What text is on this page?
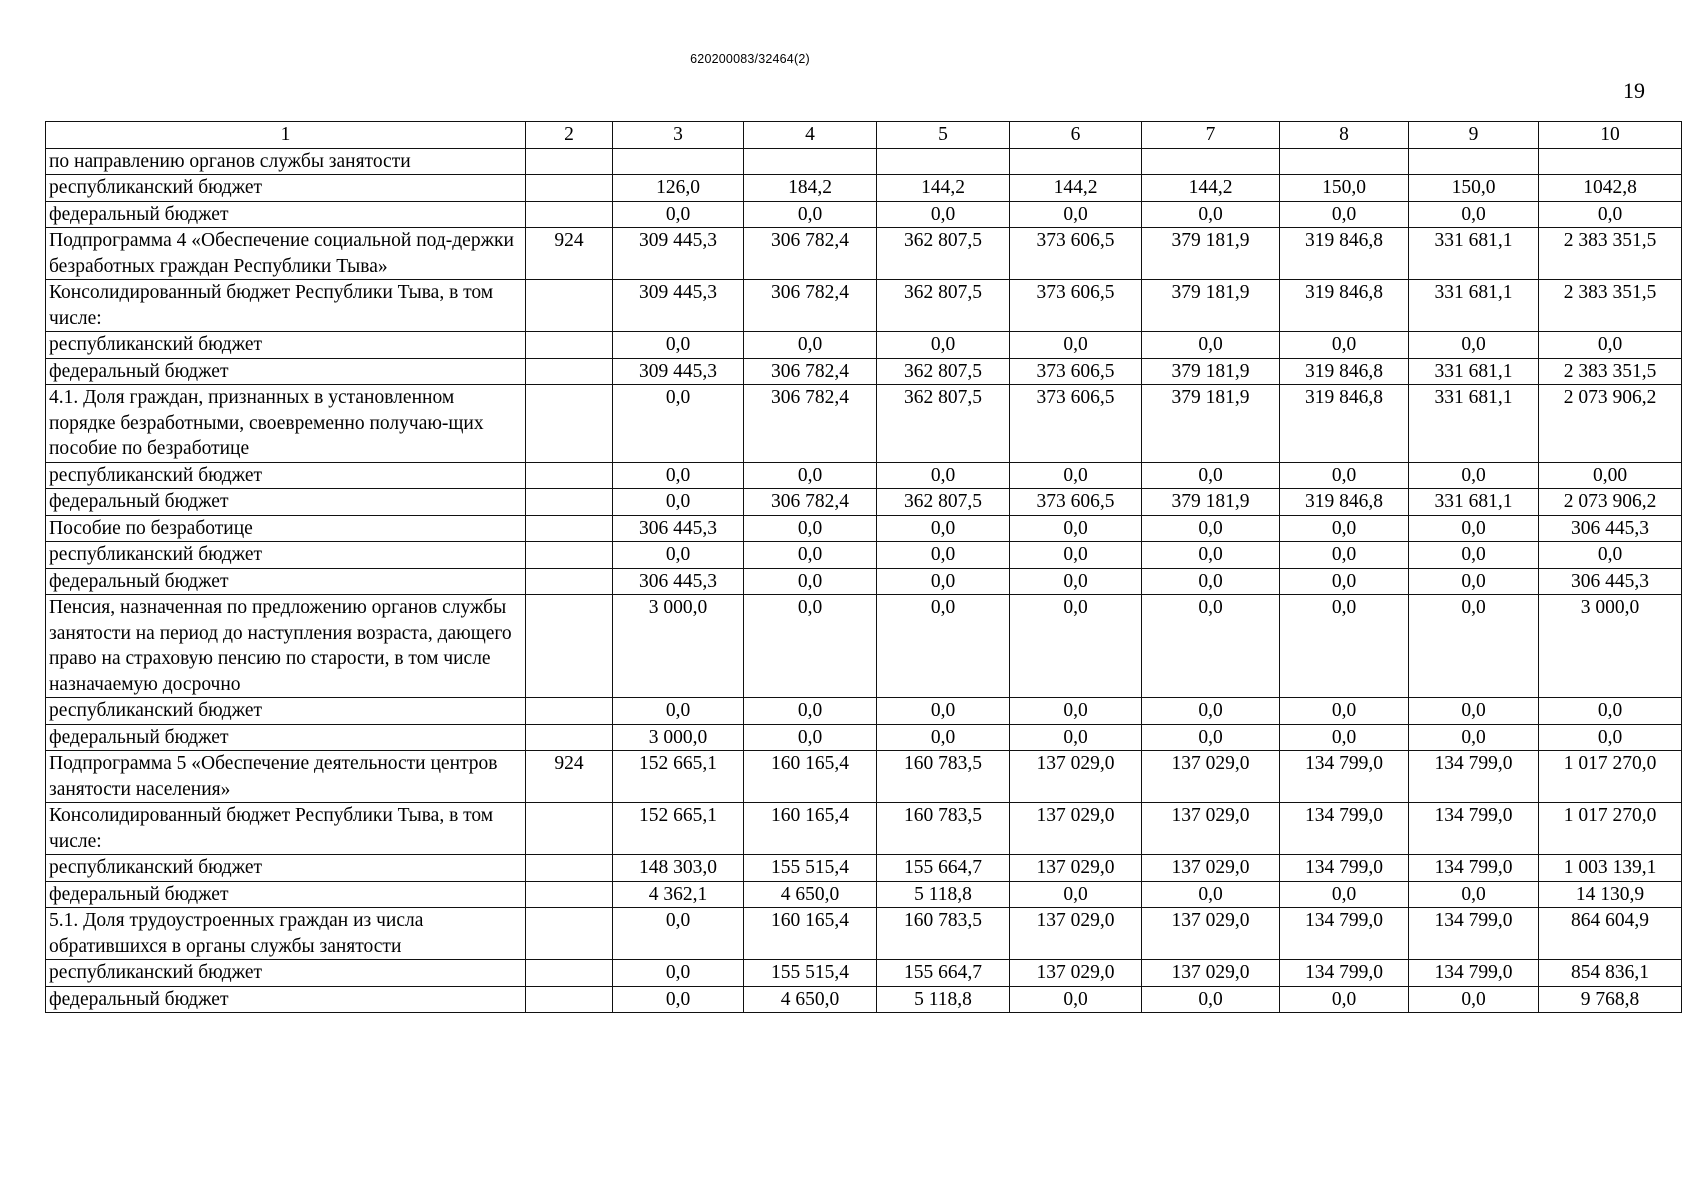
620200083/32464(2)
19
1	2	3	4	5	6	7	8	9	10
по направлению органов службы занятости									
республиканский бюджет		126,0	184,2	144,2	144,2	144,2	150,0	150,0	1042,8
федеральный бюджет		0,0	0,0	0,0	0,0	0,0	0,0	0,0	0,0
Подпрограмма 4 «Обеспечение социальной под-держки безработных граждан Республики Тыва»	924	309 445,3	306 782,4	362 807,5	373 606,5	379 181,9	319 846,8	331 681,1	2 383 351,5
Консолидированный бюджет Республики Тыва, в том числе:		309 445,3	306 782,4	362 807,5	373 606,5	379 181,9	319 846,8	331 681,1	2 383 351,5
республиканский бюджет		0,0	0,0	0,0	0,0	0,0	0,0	0,0	0,0
федеральный бюджет		309 445,3	306 782,4	362 807,5	373 606,5	379 181,9	319 846,8	331 681,1	2 383 351,5
4.1. Доля граждан, признанных в установленном порядке безработными, своевременно получаю-щих пособие по безработице		0,0	306 782,4	362 807,5	373 606,5	379 181,9	319 846,8	331 681,1	2 073 906,2
республиканский бюджет		0,0	0,0	0,0	0,0	0,0	0,0	0,0	0,00
федеральный бюджет		0,0	306 782,4	362 807,5	373 606,5	379 181,9	319 846,8	331 681,1	2 073 906,2
Пособие по безработице		306 445,3	0,0	0,0	0,0	0,0	0,0	0,0	306 445,3
республиканский бюджет		0,0	0,0	0,0	0,0	0,0	0,0	0,0	0,0
федеральный бюджет		306 445,3	0,0	0,0	0,0	0,0	0,0	0,0	306 445,3
Пенсия, назначенная по предложению органов службы занятости на период до наступления возраста, дающего право на страховую пенсию по старости, в том числе назначаемую досрочно		3 000,0	0,0	0,0	0,0	0,0	0,0	0,0	3 000,0
республиканский бюджет		0,0	0,0	0,0	0,0	0,0	0,0	0,0	0,0
федеральный бюджет		3 000,0	0,0	0,0	0,0	0,0	0,0	0,0	0,0
Подпрограмма 5 «Обеспечение деятельности центров занятости населения»	924	152 665,1	160 165,4	160 783,5	137 029,0	137 029,0	134 799,0	134 799,0	1 017 270,0
Консолидированный бюджет Республики Тыва, в том числе:		152 665,1	160 165,4	160 783,5	137 029,0	137 029,0	134 799,0	134 799,0	1 017 270,0
республиканский бюджет		148 303,0	155 515,4	155 664,7	137 029,0	137 029,0	134 799,0	134 799,0	1 003 139,1
федеральный бюджет		4 362,1	4 650,0	5 118,8	0,0	0,0	0,0	0,0	14 130,9
5.1. Доля трудоустроенных граждан из числа обратившихся в органы службы занятости		0,0	160 165,4	160 783,5	137 029,0	137 029,0	134 799,0	134 799,0	864 604,9
республиканский бюджет		0,0	155 515,4	155 664,7	137 029,0	137 029,0	134 799,0	134 799,0	854 836,1
федеральный бюджет		0,0	4 650,0	5 118,8	0,0	0,0	0,0	0,0	9 768,8
